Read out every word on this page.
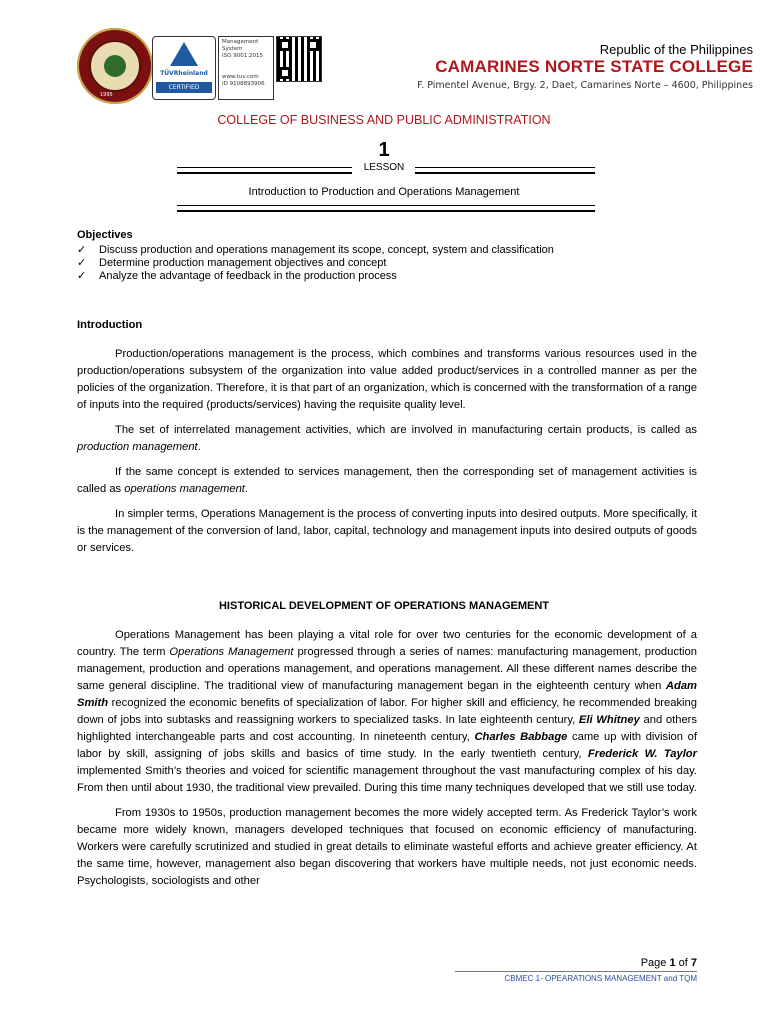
1995
TÜVRheinland
CERTIFIED
Management
System
ISO 9001:2015
www.tuv.com
ID 9108893906
Republic of the Philippines
CAMARINES NORTE STATE COLLEGE
F. Pimentel Avenue, Brgy. 2, Daet, Camarines Norte – 4600, Philippines
COLLEGE OF BUSINESS AND PUBLIC ADMINISTRATION
1
LESSON
Introduction to Production and Operations Management
Objectives
✓	Discuss production and operations management its scope, concept, system and classification
✓	Determine production management objectives and concept
✓	Analyze the advantage of feedback in the production process
Introduction

Production/operations management is the process, which combines and transforms various resources used in the production/operations subsystem of the organization into value added product/services in a controlled manner as per the policies of the organization. Therefore, it is that part of an organization, which is concerned with the transformation of a range of inputs into the required (products/services) having the requisite quality level.

The set of interrelated management activities, which are involved in manufacturing certain products, is called as production management.

If the same concept is extended to services management, then the corresponding set of management activities is called as operations management.

In simpler terms, Operations Management is the process of converting inputs into desired outputs. More specifically, it is the management of the conversion of land, labor, capital, technology and management inputs into desired outputs of goods or services.

HISTORICAL DEVELOPMENT OF OPERATIONS MANAGEMENT

Operations Management has been playing a vital role for over two centuries for the economic development of a country. The term Operations Management progressed through a series of names: manufacturing management, production management, production and operations management, and operations management. All these different names describe the same general discipline. The traditional view of manufacturing management began in the eighteenth century when Adam Smith recognized the economic benefits of specialization of labor. For higher skill and efficiency, he recommended breaking down of jobs into subtasks and reassigning workers to specialized tasks. In late eighteenth century, Eli Whitney and others highlighted interchangeable parts and cost accounting. In nineteenth century, Charles Babbage came up with division of labor by skill, assigning of jobs skills and basics of time study. In the early twentieth century, Frederick W. Taylor implemented Smith’s theories and voiced for scientific management throughout the vast manufacturing complex of his day. From then until about 1930, the traditional view prevailed. During this time many techniques developed that we still use today.

From 1930s to 1950s, production management becomes the more widely accepted term. As Frederick Taylor’s work became more widely known, managers developed techniques that focused on economic efficiency of manufacturing. Workers were carefully scrutinized and studied in great details to eliminate wasteful efforts and achieve greater efficiency. At the same time, however, management also began discovering that workers have multiple needs, not just economic needs. Psychologists, sociologists and other

Page 1 of 7
CBMEC 1- OPEARATIONS MANAGEMENT and TQM
